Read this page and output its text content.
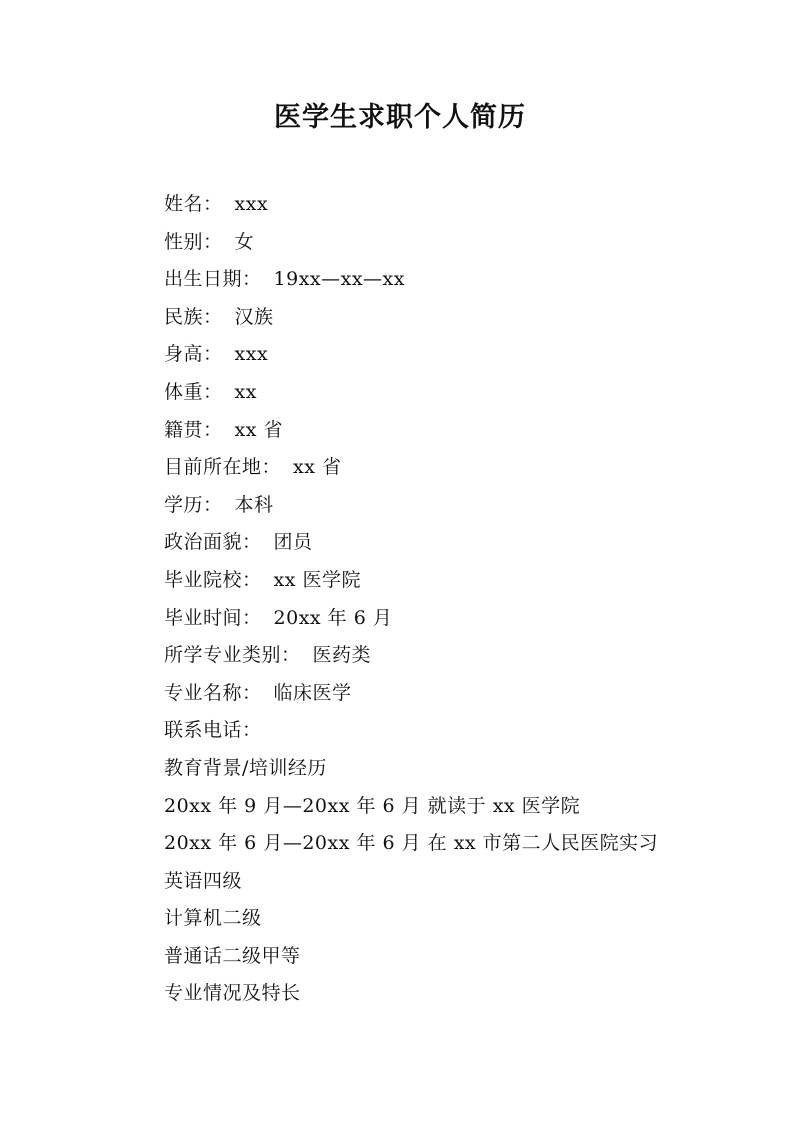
医学生求职个人简历
姓名： xxx
性别： 女
出生日期： 19xx—xx—xx
民族： 汉族
身高： xxx
体重： xx
籍贯： xx 省
目前所在地： xx 省
学历： 本科
政治面貌： 团员
毕业院校： xx 医学院
毕业时间： 20xx 年 6 月
所学专业类别： 医药类
专业名称： 临床医学
联系电话：
教育背景/培训经历
20xx 年 9 月—20xx 年 6 月 就读于 xx 医学院
20xx 年 6 月—20xx 年 6 月 在 xx 市第二人民医院实习
英语四级
计算机二级
普通话二级甲等
专业情况及特长
